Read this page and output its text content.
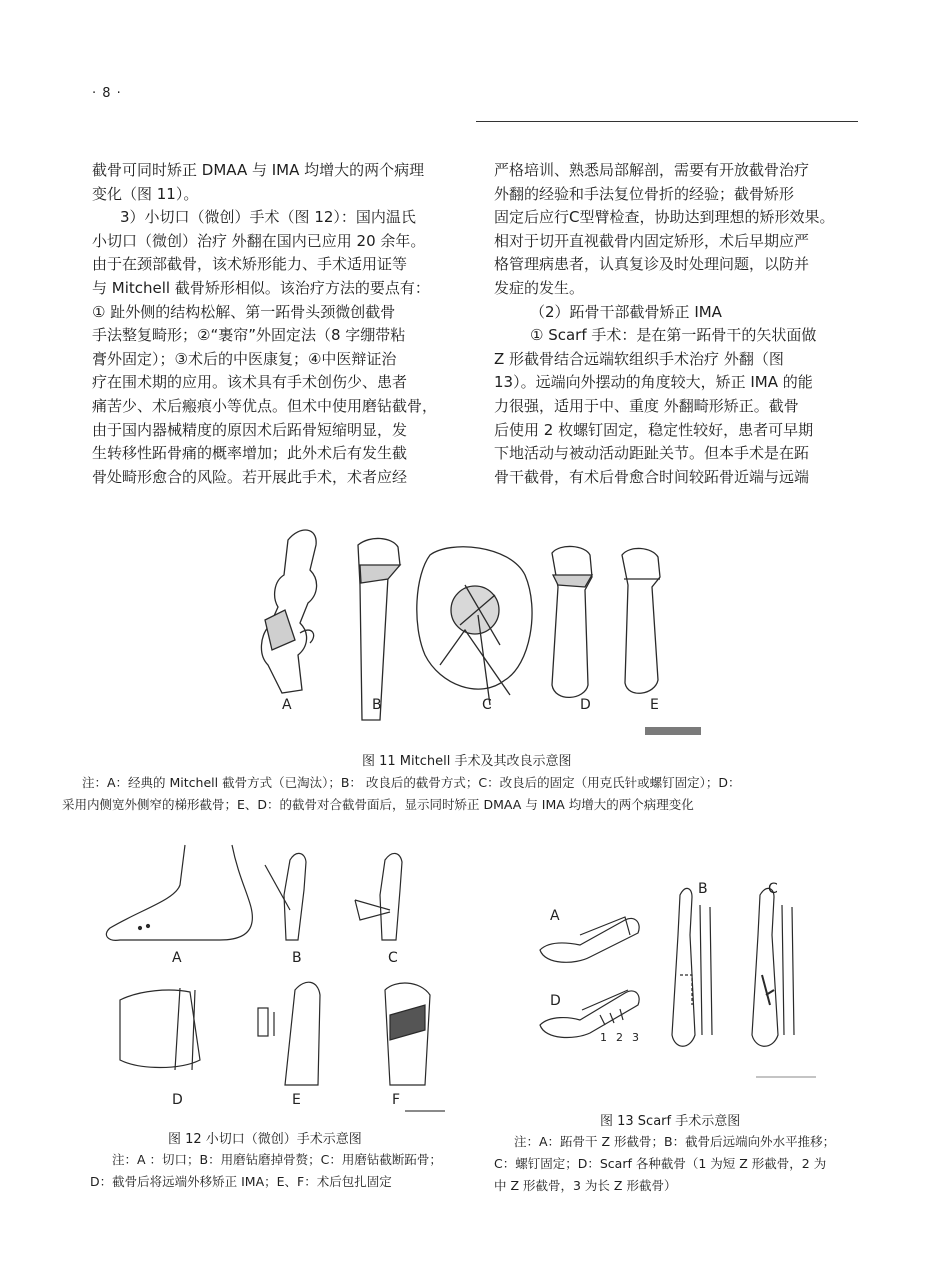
· 8 ·

截骨可同时矫正 DMAA 与 IMA 均增大的两个病理

变化（图 11）。

3）小切口（微创）手术（图 12）：国内温氏

小切口（微创）治疗 外翻在国内已应用 20 余年。

由于在颈部截骨，该术矫形能力、手术适用证等

与 Mitchell 截骨矫形相似。该治疗方法的要点有：

① 趾外侧的结构松解、第一跖骨头颈微创截骨

手法整复畸形；②“裹帘”外固定法（8 字绷带粘

膏外固定）；③术后的中医康复；④中医辩证治

疗在围术期的应用。该术具有手术创伤少、患者

痛苦少、术后瘢痕小等优点。但术中使用磨钻截骨，

由于国内器械精度的原因术后跖骨短缩明显，发

生转移性跖骨痛的概率增加；此外术后有发生截

骨处畸形愈合的风险。若开展此手术，术者应经

严格培训、熟悉局部解剖，需要有开放截骨治疗

外翻的经验和手法复位骨折的经验；截骨矫形

固定后应行C型臂检查，协助达到理想的矫形效果。

相对于切开直视截骨内固定矫形，术后早期应严

格管理病患者，认真复诊及时处理问题，以防并

发症的发生。

（2）跖骨干部截骨矫正 IMA

① Scarf 手术：是在第一跖骨干的矢状面做

Z 形截骨结合远端软组织手术治疗 外翻（图

13）。远端向外摆动的角度较大，矫正 IMA 的能

力很强，适用于中、重度 外翻畸形矫正。截骨

后使用 2 枚螺钉固定，稳定性较好，患者可早期

下地活动与被动活动距趾关节。但本手术是在跖

骨干截骨，有术后骨愈合时间较跖骨近端与远端

A	B	C	D	E
图 11 Mitchell 手术及其改良示意图
注：A：经典的 Mitchell 截骨方式（已淘汰）；B： 改良后的截骨方式；C：改良后的固定（用克氏针或螺钉固定）；D：
采用内侧宽外侧窄的梯形截骨；E、D：的截骨对合截骨面后，显示同时矫正 DMAA 与 IMA 均增大的两个病理变化
A	B	C
D	E	F
图 12 小切口（微创）手术示意图
注：A ：切口；B：用磨钻磨掉骨赘；C：用磨钻截断跖骨；
D：截骨后将远端外移矫正 IMA；E、F：术后包扎固定
A
B	C
D
1 2 3
图 13 Scarf 手术示意图
注：A：跖骨干 Z 形截骨；B：截骨后远端向外水平推移；
C：螺钉固定；D：Scarf 各种截骨（1 为短 Z 形截骨，2 为
中 Z 形截骨，3 为长 Z 形截骨）
